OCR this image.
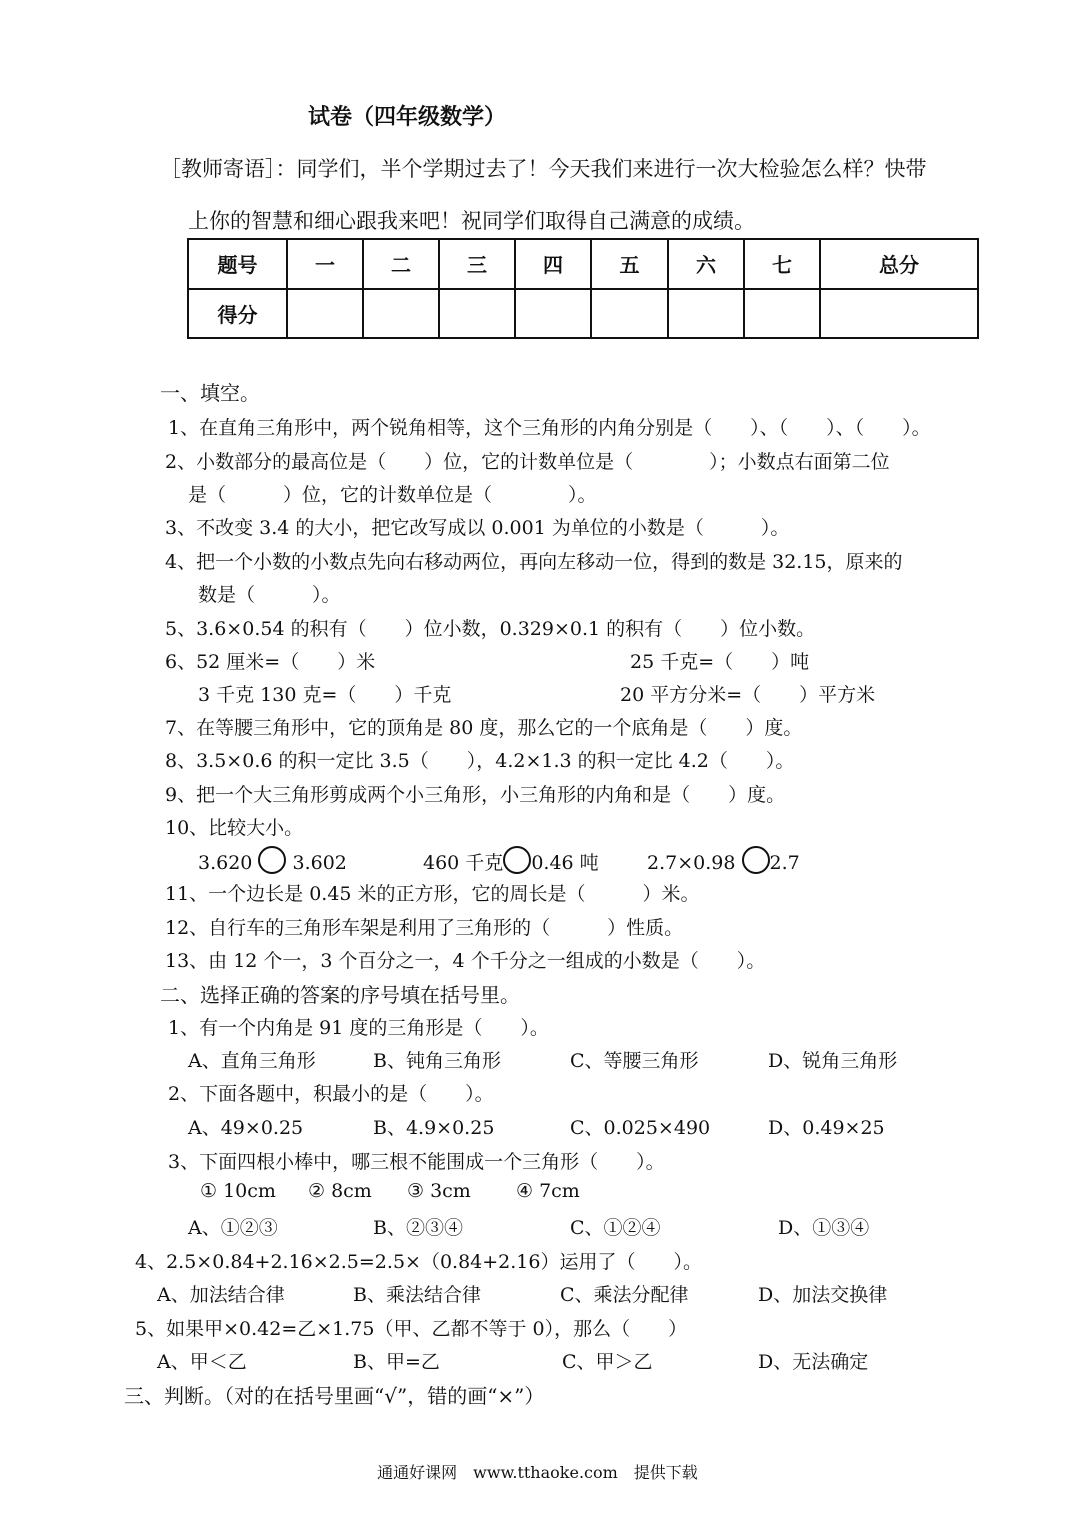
试卷（四年级数学）
［教师寄语］：同学们，半个学期过去了！今天我们来进行一次大检验怎么样？快带
上你的智慧和细心跟我来吧！祝同学们取得自己满意的成绩。
题号	一	二	三	四	五	六	七	总分
得分								
一、填空。
1、在直角三角形中，两个锐角相等，这个三角形的内角分别是（　　）、（　　）、（　　）。
2、小数部分的最高位是（　　）位，它的计数单位是（　　　　）；小数点右面第二位
是（　　　）位，它的计数单位是（　　　　）。
3、不改变 3.4 的大小，把它改写成以 0.001 为单位的小数是（　　　）。
4、把一个小数的小数点先向右移动两位，再向左移动一位，得到的数是 32.15，原来的
数是（　　　）。
5、3.6×0.54 的积有（　　）位小数，0.329×0.1 的积有（　　）位小数。
6、52 厘米=（　　）米	25 千克=（　　）吨
3 千克 130 克=（　　）千克	20 平方分米=（　　）平方米
7、在等腰三角形中，它的顶角是 80 度，那么它的一个底角是（　　）度。
8、3.5×0.6 的积一定比 3.5（　　），4.2×1.3 的积一定比 4.2（　　）。
9、把一个大三角形剪成两个小三角形，小三角形的内角和是（　　）度。
10、比较大小。
3.620 3.602	460 千克 0.46 吨	2.7×0.98 2.7
11、一个边长是 0.45 米的正方形，它的周长是（　　　）米。
12、自行车的三角形车架是利用了三角形的（　　　）性质。
13、由 12 个一，3 个百分之一，4 个千分之一组成的小数是（　　）。
二、选择正确的答案的序号填在括号里。
1、有一个内角是 91 度的三角形是（　　）。
A、直角三角形	B、钝角三角形	C、等腰三角形	D、锐角三角形
2、下面各题中，积最小的是（　　）。
A、49×0.25	B、4.9×0.25	C、0.025×490	D、0.49×25
3、下面四根小棒中，哪三根不能围成一个三角形（　　）。
① 10cm ② 8cm ③ 3cm ④ 7cm
A、①②③	B、②③④	C、①②④	D、①③④
4、2.5×0.84+2.16×2.5=2.5×（0.84+2.16）运用了（　　）。
A、加法结合律	B、乘法结合律	C、乘法分配律	D、加法交换律
5、如果甲×0.42=乙×1.75（甲、乙都不等于 0），那么（　　）
A、甲＜乙	B、甲=乙	C、甲＞乙	D、无法确定
三、判断。（对的在括号里画“√”，错的画“×”）
通通好课网　www.tthaoke.com　提供下载
